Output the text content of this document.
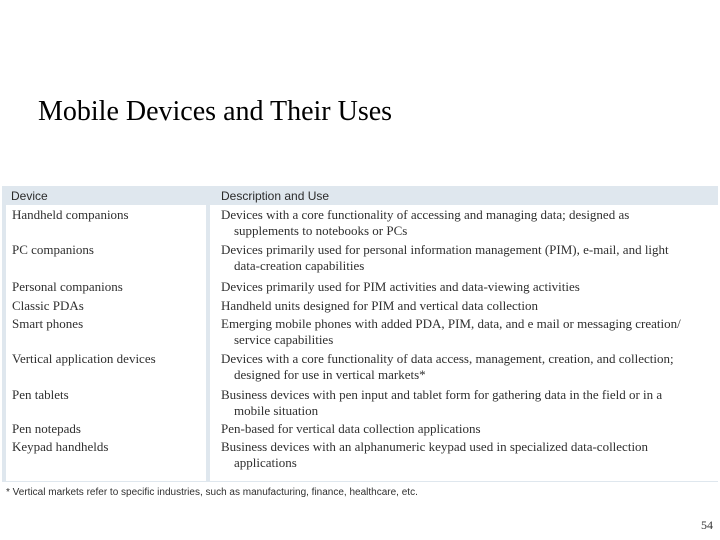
Mobile Devices and Their Uses
Device	Description and Use
Handheld companions	Devices with a core functionality of accessing and managing data; designed as
supplements to notebooks or PCs
PC companions	Devices primarily used for personal information management (PIM), e-mail, and light
data-creation capabilities
Personal companions	Devices primarily used for PIM activities and data-viewing activities
Classic PDAs	Handheld units designed for PIM and vertical data collection
Smart phones	Emerging mobile phones with added PDA, PIM, data, and e mail or messaging creation/
service capabilities
Vertical application devices	Devices with a core functionality of data access, management, creation, and collection;
designed for use in vertical markets*
Pen tablets	Business devices with pen input and tablet form for gathering data in the field or in a
mobile situation
Pen notepads	Pen-based for vertical data collection applications
Keypad handhelds	Business devices with an alphanumeric keypad used in specialized data-collection
applications
* Vertical markets refer to specific industries, such as manufacturing, finance, healthcare, etc.
54
